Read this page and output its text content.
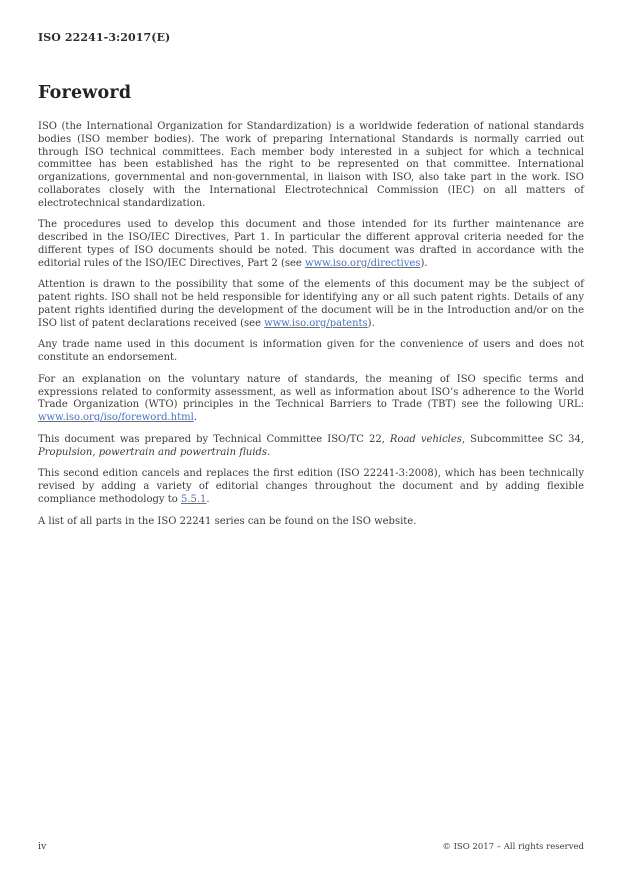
ISO 22241-3:2017(E)
Foreword

ISO (the International Organization for Standardization) is a worldwide federation of national standards bodies (ISO member bodies). The work of preparing International Standards is normally carried out through ISO technical committees. Each member body interested in a subject for which a technical committee has been established has the right to be represented on that committee. International organizations, governmental and non-governmental, in liaison with ISO, also take part in the work. ISO collaborates closely with the International Electrotechnical Commission (IEC) on all matters of electrotechnical standardization.

The procedures used to develop this document and those intended for its further maintenance are described in the ISO/IEC Directives, Part 1. In particular the different approval criteria needed for the different types of ISO documents should be noted. This document was drafted in accordance with the editorial rules of the ISO/IEC Directives, Part 2 (see www.iso.org/directives).

Attention is drawn to the possibility that some of the elements of this document may be the subject of patent rights. ISO shall not be held responsible for identifying any or all such patent rights. Details of any patent rights identified during the development of the document will be in the Introduction and/or on the ISO list of patent declarations received (see www.iso.org/patents).

Any trade name used in this document is information given for the convenience of users and does not constitute an endorsement.

For an explanation on the voluntary nature of standards, the meaning of ISO specific terms and expressions related to conformity assessment, as well as information about ISO’s adherence to the World Trade Organization (WTO) principles in the Technical Barriers to Trade (TBT) see the following URL: www.iso.org/iso/foreword.html.

This document was prepared by Technical Committee ISO/TC 22, Road vehicles, Subcommittee SC 34, Propulsion, powertrain and powertrain fluids.

This second edition cancels and replaces the first edition (ISO 22241-3:2008), which has been technically revised by adding a variety of editorial changes throughout the document and by adding flexible compliance methodology to 5.5.1.

A list of all parts in the ISO 22241 series can be found on the ISO website.

iv	© ISO 2017 – All rights reserved
